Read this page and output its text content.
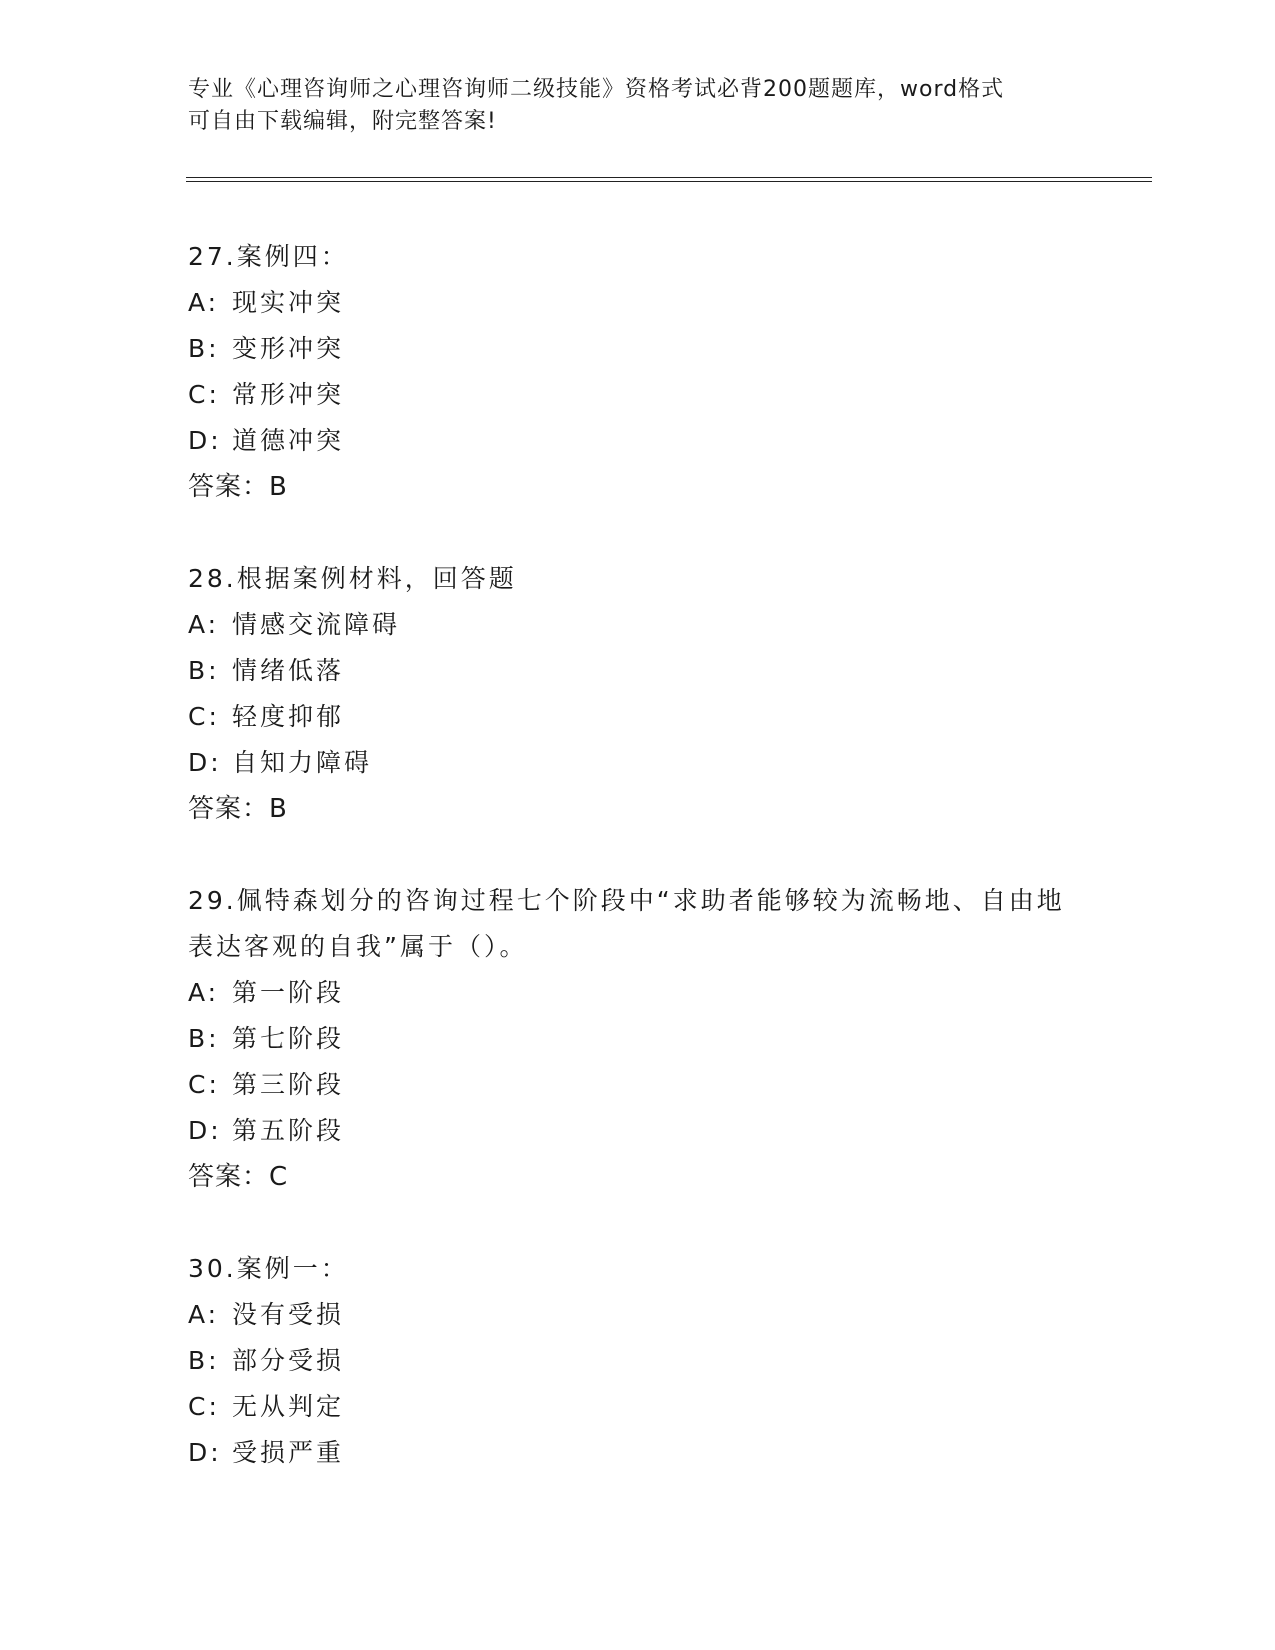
专业《心理咨询师之心理咨询师二级技能》资格考试必背200题题库，word格式

可自由下载编辑，附完整答案!

27.案例四：

A: 现实冲突

B: 变形冲突

C: 常形冲突

D: 道德冲突

答案：B

28.根据案例材料，回答题

A: 情感交流障碍

B: 情绪低落

C: 轻度抑郁

D: 自知力障碍

答案：B

29.佩特森划分的咨询过程七个阶段中“求助者能够较为流畅地、自由地表达客观的自我”属于（）。

A: 第一阶段

B: 第七阶段

C: 第三阶段

D: 第五阶段

答案：C

30.案例一：

A: 没有受损

B: 部分受损

C: 无从判定

D: 受损严重
